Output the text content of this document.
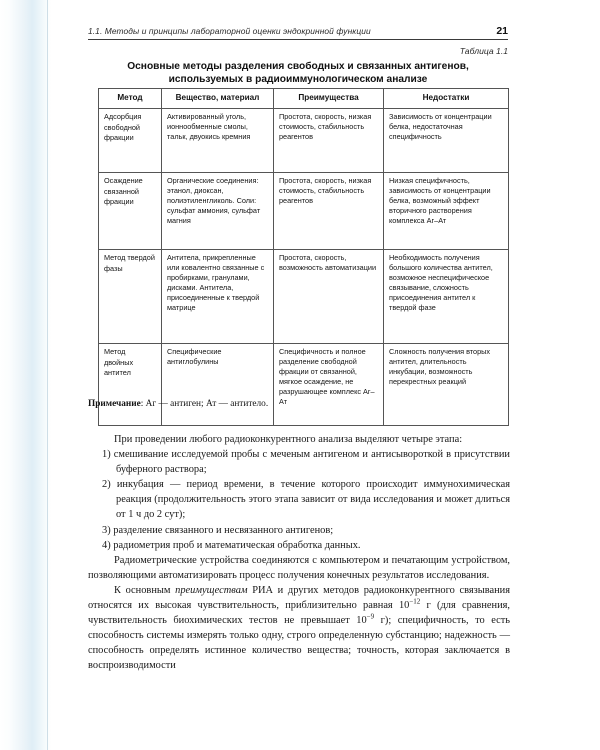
1.1. Методы и принципы лабораторной оценки эндокринной функции	21
Таблица 1.1
Основные методы разделения свободных и связанных антигенов,
используемых в радиоиммунологическом анализе
Метод	Вещество, материал	Преимущества	Недостатки
Адсорбция свободной фракции	Активированный уголь, ионнообменные смолы, тальк, двуокись кремния	Простота, скорость, низкая стоимость, стабильность реагентов	Зависимость от концентрации белка, недостаточная специфичность
Осаждение связанной фракции	Органические соединения: этанол, диоксан, полиэтиленгликоль. Соли: сульфат аммония, сульфат магния	Простота, скорость, низкая стоимость, стабильность реагентов	Низкая специфичность, зависимость от концентрации белка, возможный эффект вторичного растворения комплекса Аг–Ат
Метод твердой фазы	Антитела, прикрепленные или ковалентно связанные с пробирками, гранулами, дисками. Антитела, присоединенные к твердой матрице	Простота, скорость, возможность автоматизации	Необходимость получения большого количества антител, возможное неспецифическое связывание, сложность присоединения антител к твердой фазе
Метод двойных антител	Специфические антиглобулины	Специфичность и полное разделение свободной фракции от связанной, мягкое осаждение, не разрушающее комплекс Аг–Ат	Сложность получения вторых антител, длительность инкубации, возможность перекрестных реакций
Примечание: Аг — антиген; Ат — антитело.

При проведении любого радиоконкурентного анализа выделяют четыре этапа:

1) смешивание исследуемой пробы с меченым антигеном и антисывороткой в присутствии буферного раствора;

2) инкубация — период времени, в течение которого происходит иммунохимическая реакция (продолжительность этого этапа зависит от вида исследования и может длиться от 1 ч до 2 сут);

3) разделение связанного и несвязанного антигенов;

4) радиометрия проб и математическая обработка данных.

Радиометрические устройства соединяются с компьютером и печатающим устройством, позволяющими автоматизировать процесс получения конечных результатов исследования.

К основным преимуществам РИА и других методов радиоконкурентного связывания относятся их высокая чувствительность, приблизительно равная $10^{-12}$ г (для сравнения, чувствительность биохимических тестов не превышает $10^{-9}$ г); специфичность, то есть способность системы измерять только одну, строго определенную субстанцию; надежность — способность определять истинное количество вещества; точность, которая заключается в воспроизводимости
